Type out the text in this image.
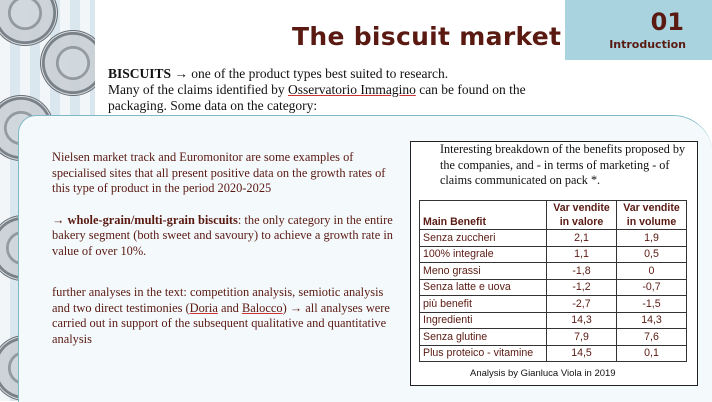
01
Introduction
The biscuit market
BISCUITS → one of the product types best suited to research.
Many of the claims identified by Osservatorio Immagino can be found on the packaging. Some data on the category:

Nielsen market track and Euromonitor are some examples of specialised sites that all present positive data on the growth rates of this type of product in the period 2020-2025

→ whole-grain/multi-grain biscuits: the only category in the entire bakery segment (both sweet and savoury) to achieve a growth rate in value of over 10%.

further analyses in the text: competition analysis, semiotic analysis and two direct testimonies (Doria and Balocco) → all analyses were carried out in support of the subsequent qualitative and quantitative analysis

Interesting breakdown of the benefits proposed by the companies, and - in terms of marketing - of claims communicated on pack *.
Main Benefit	Var vendite in valore	Var vendite in volume
Senza zuccheri	2,1	1,9
100% integrale	1,1	0,5
Meno grassi	-1,8	0
Senza latte e uova	-1,2	-0,7
più benefit	-2,7	-1,5
Ingredienti	14,3	14,3
Senza glutine	7,9	7,6
Plus proteico - vitamine	14,5	0,1
Analysis by Gianluca Viola in 2019
